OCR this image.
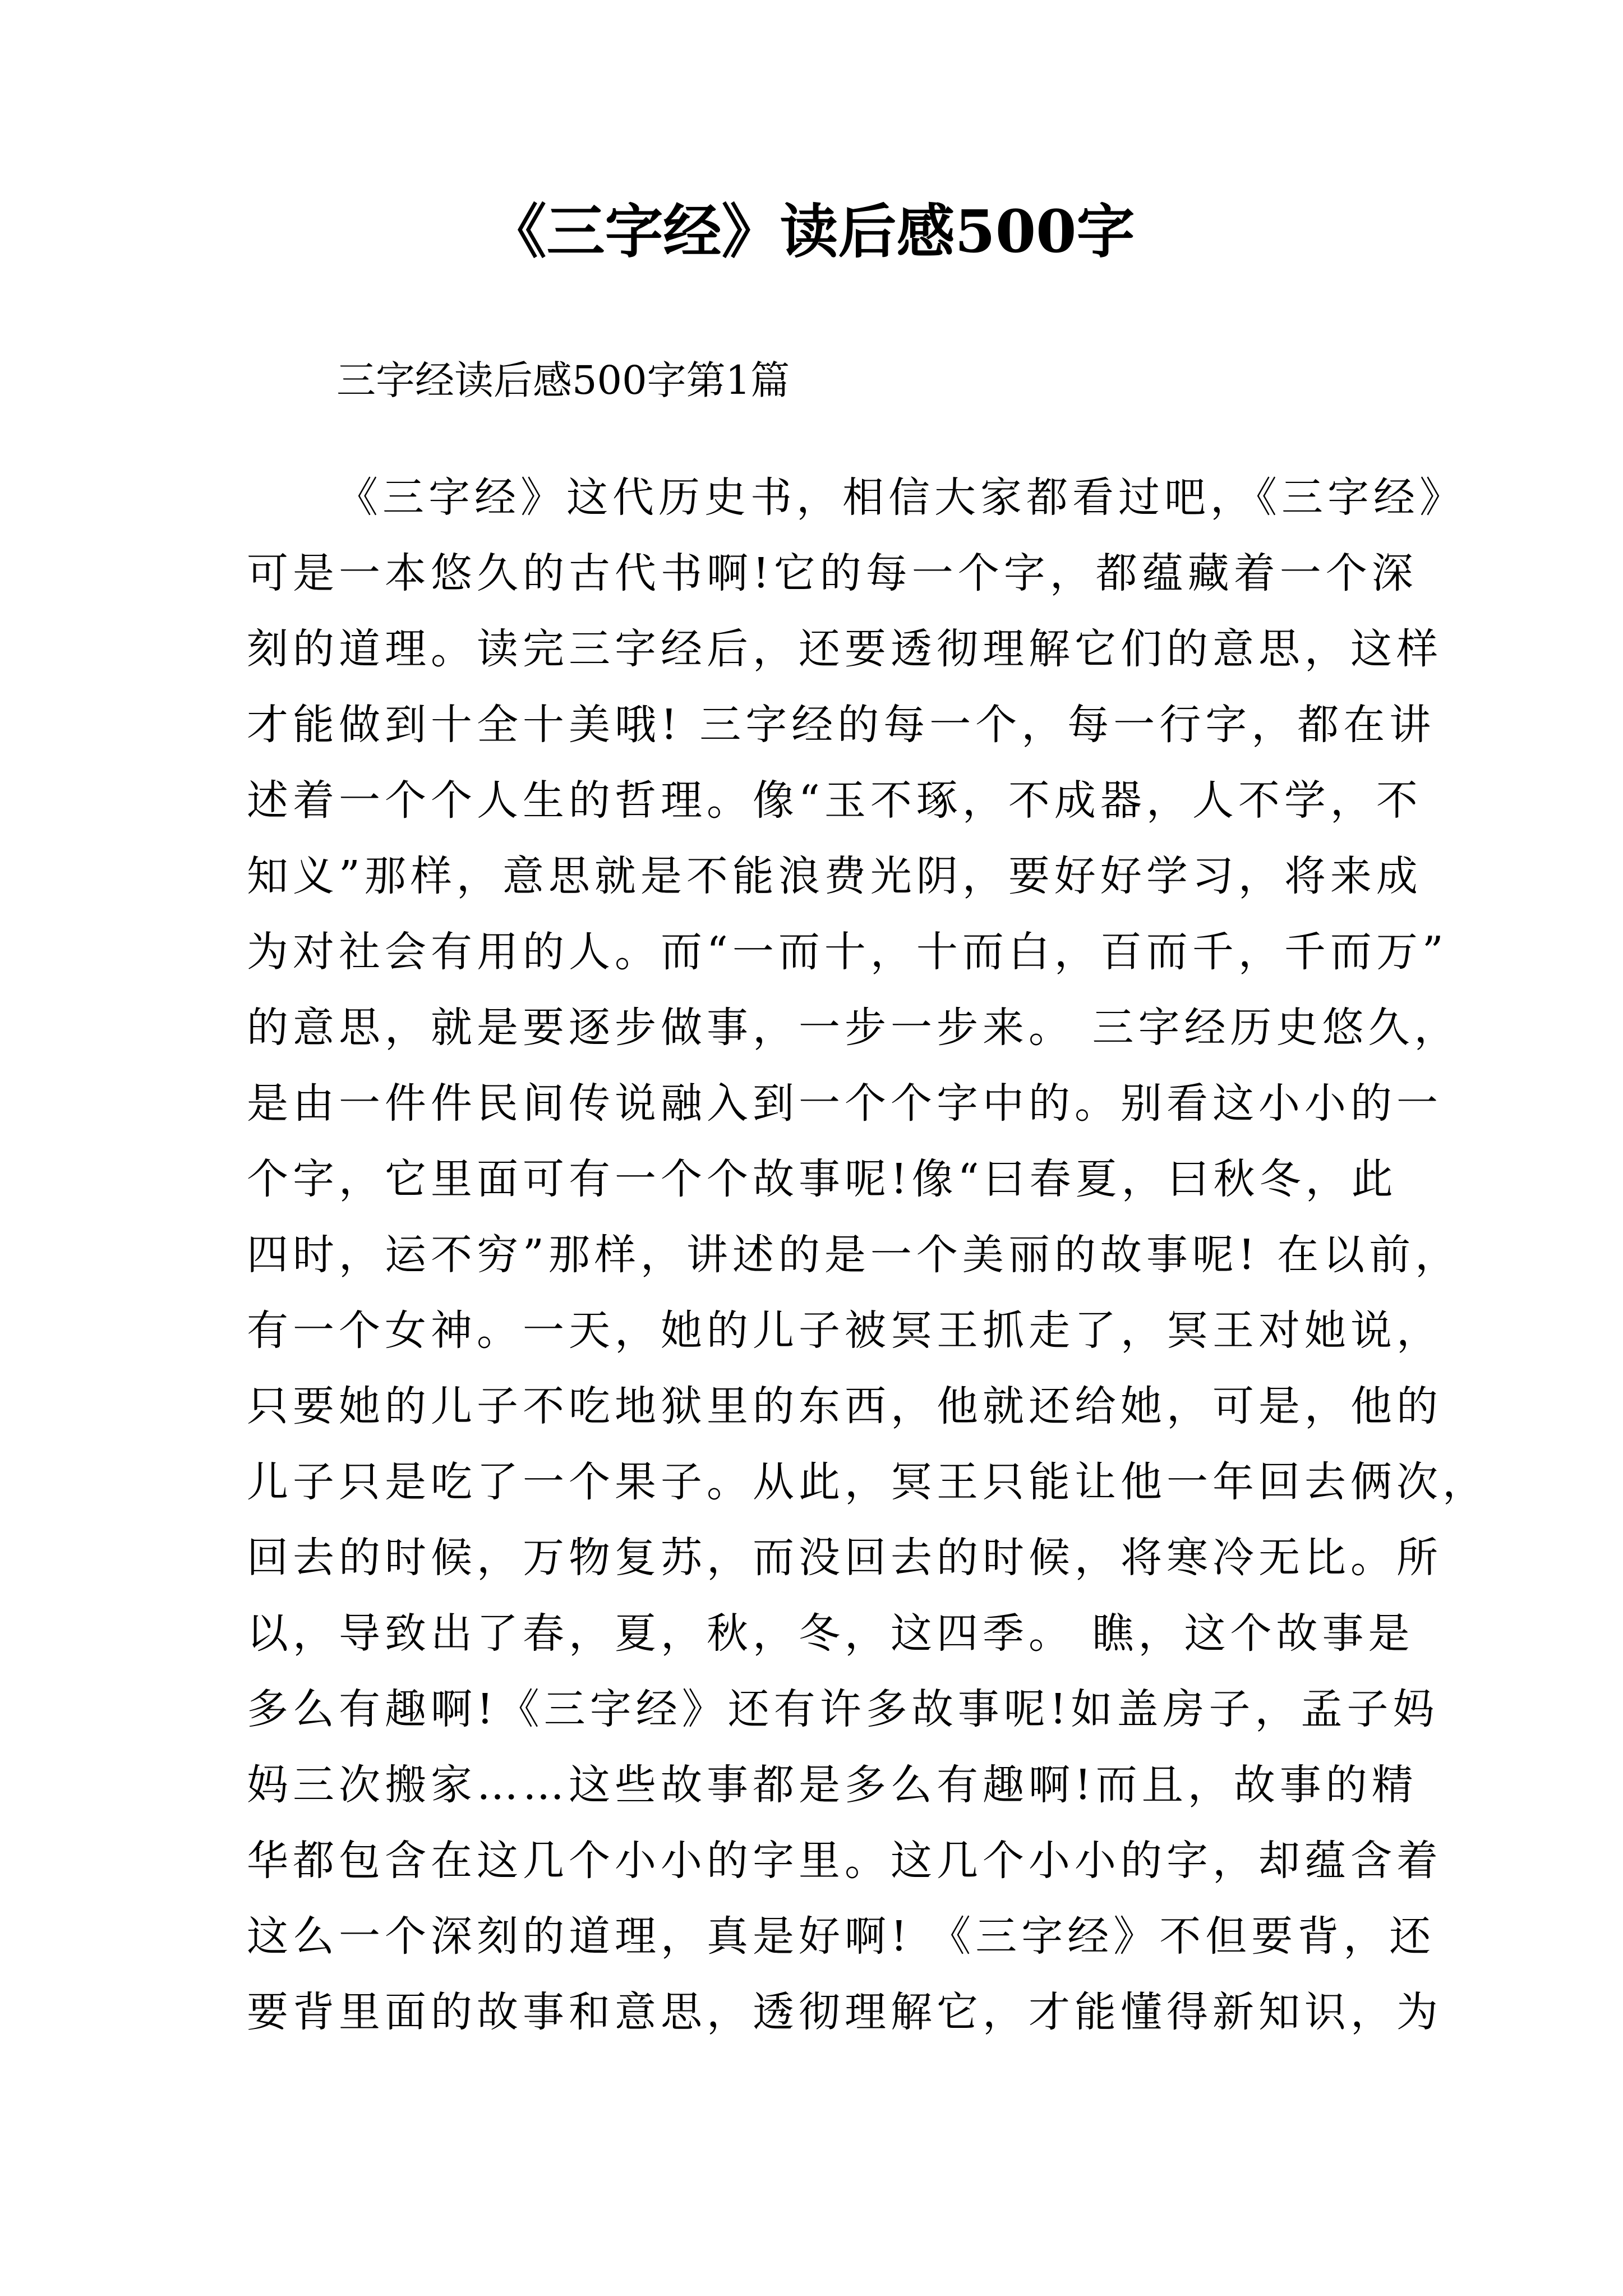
《三字经》读后感500字

三字经读后感500字第1篇

《三字经》这代历史书，相信大家都看过吧，《三字经》
可是一本悠久的古代书啊!它的每一个字，都蕴藏着一个深
刻的道理。读完三字经后，还要透彻理解它们的意思，这样
才能做到十全十美哦! 三字经的每一个，每一行字，都在讲
述着一个个人生的哲理。像“玉不琢，不成器，人不学，不
知义”那样，意思就是不能浪费光阴，要好好学习，将来成
为对社会有用的人。而“一而十，十而白，百而千，千而万”
的意思，就是要逐步做事，一步一步来。 三字经历史悠久，
是由一件件民间传说融入到一个个字中的。别看这小小的一
个字，它里面可有一个个故事呢!像“曰春夏，曰秋冬，此
四时，运不穷”那样，讲述的是一个美丽的故事呢! 在以前，
有一个女神。一天，她的儿子被冥王抓走了，冥王对她说，
只要她的儿子不吃地狱里的东西，他就还给她，可是，他的
儿子只是吃了一个果子。从此，冥王只能让他一年回去俩次，
回去的时候，万物复苏，而没回去的时候，将寒冷无比。所
以，导致出了春，夏，秋，冬，这四季。 瞧，这个故事是
多么有趣啊!《三字经》还有许多故事呢!如盖房子，孟子妈
妈三次搬家……这些故事都是多么有趣啊!而且，故事的精
华都包含在这几个小小的字里。这几个小小的字，却蕴含着
这么一个深刻的道理，真是好啊! 《三字经》不但要背，还
要背里面的故事和意思，透彻理解它，才能懂得新知识，为
